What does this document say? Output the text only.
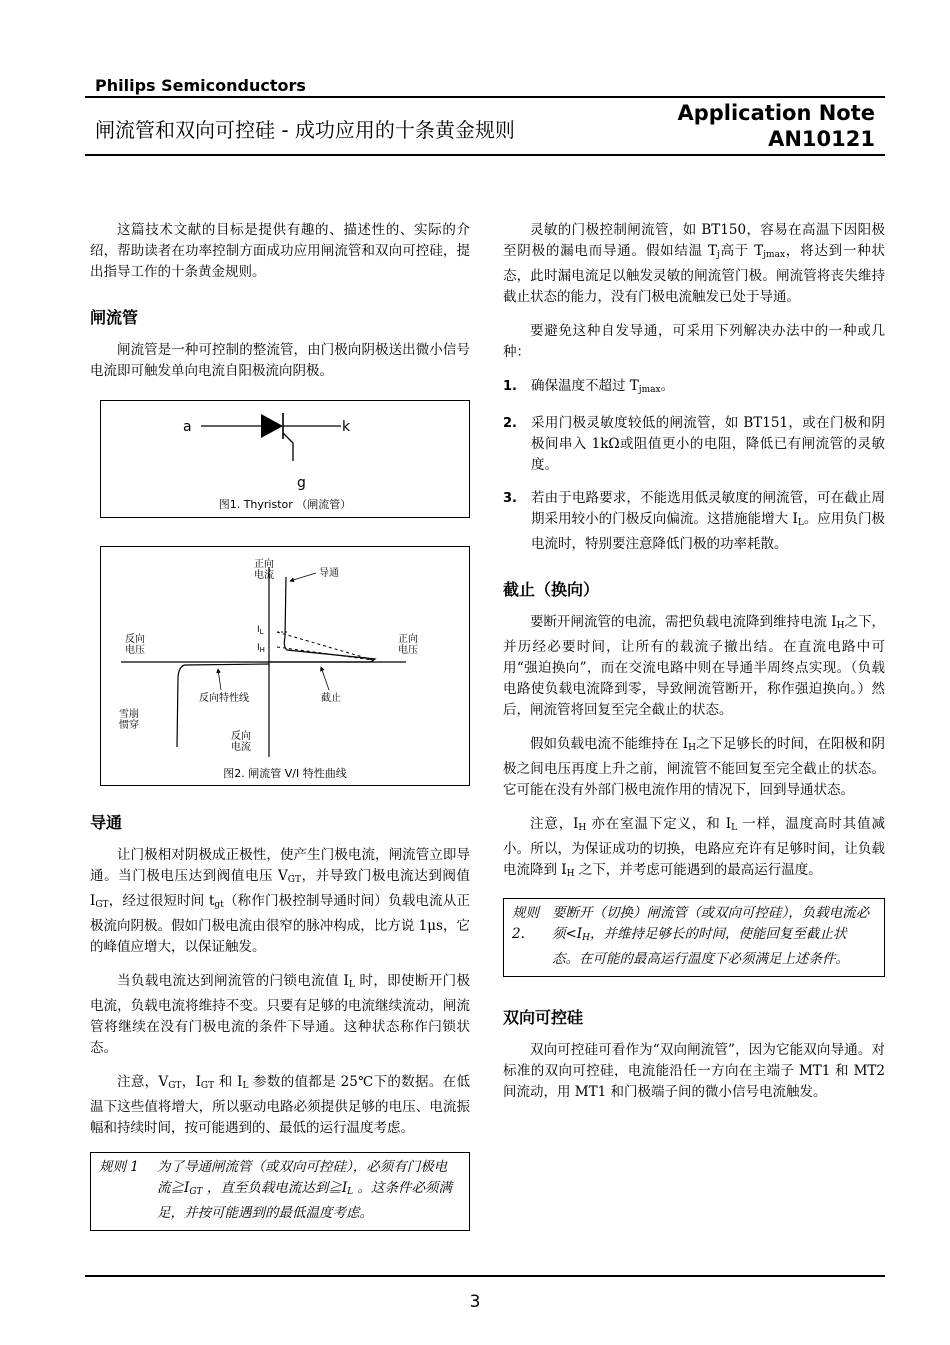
Philips Semiconductors
闸流管和双向可控硅 - 成功应用的十条黄金规则
Application Note
AN10121

这篇技术文献的目标是提供有趣的、描述性的、实际的介绍，帮助读者在功率控制方面成功应用闸流管和双向可控硅，提出指导工作的十条黄金规则。

闸流管

闸流管是一种可控制的整流管，由门极向阴极送出微小信号电流即可触发单向电流自阳极流向阴极。

a	k
g
图1. Thyristor （闸流管）
正向
电流	导通
反向
电压
正向
电压
$I_L$
$I_H$
反向特性线	截止
雪崩
惯穿
反向
电流
图2. 闸流管 V/I 特性曲线
导通

让门极相对阴极成正极性，使产生门极电流，闸流管立即导通。当门极电压达到阀值电压 $V_{GT}$，并导致门极电流达到阀值 $I_{GT}$，经过很短时间 $t_{gt}$（称作门极控制导通时间）负载电流从正极流向阴极。假如门极电流由很窄的脉冲构成，比方说 1μs，它的峰值应增大，以保证触发。

当负载电流达到闸流管的闩锁电流值 $I_L$ 时，即使断开门极电流，负载电流将维持不变。只要有足够的电流继续流动，闸流管将继续在没有门极电流的条件下导通。这种状态称作闩锁状态。

注意，$V_{GT}$，$I_{GT}$ 和 $I_L$ 参数的值都是 25℃下的数据。在低温下这些值将增大，所以驱动电路必须提供足够的电压、电流振幅和持续时间，按可能遇到的、最低的运行温度考虑。

规则 1 为了导通闸流管（或双向可控硅），必须有门极电流$≧I_{GT}$ ，直至负载电流达到$≧I_L$ 。这条件必须满足，并按可能遇到的最低温度考虑。

灵敏的门极控制闸流管，如 BT150，容易在高温下因阳极至阴极的漏电而导通。假如结温 $T_j$高于 $T_{jmax}$，将达到一种状态，此时漏电流足以触发灵敏的闸流管门极。闸流管将丧失维持截止状态的能力，没有门极电流触发已处于导通。

要避免这种自发导通，可采用下列解决办法中的一种或几种：

1. 确保温度不超过 $T_{jmax}$。
2. 采用门极灵敏度较低的闸流管，如 BT151，或在门极和阴极间串入 1kΩ或阻值更小的电阻，降低已有闸流管的灵敏度。
3. 若由于电路要求，不能选用低灵敏度的闸流管，可在截止周期采用较小的门极反向偏流。这措施能增大 $I_L$。应用负门极电流时，特别要注意降低门极的功率耗散。
截止（换向）

要断开闸流管的电流，需把负载电流降到维持电流 $I_H$之下，并历经必要时间，让所有的载流子撤出结。在直流电路中可用“强迫换向”，而在交流电路中则在导通半周终点实现。（负载电路使负载电流降到零，导致闸流管断开，称作强迫换向。）然后，闸流管将回复至完全截止的状态。

假如负载电流不能维持在 $I_H$之下足够长的时间，在阳极和阴极之间电压再度上升之前，闸流管不能回复至完全截止的状态。它可能在没有外部门极电流作用的情况下，回到导通状态。

注意，$I_H$ 亦在室温下定义，和 $I_L$ 一样，温度高时其值减小。所以，为保证成功的切换，电路应充许有足够时间，让负载电流降到 $I_H$ 之下，并考虑可能遇到的最高运行温度。

规则 2.要断开（切换）闸流管（或双向可控硅），负载电流必须$<I_H$，并维持足够长的时间，使能回复至截止状态。在可能的最高运行温度下必须满足上述条件。
双向可控硅

双向可控硅可看作为“双向闸流管”，因为它能双向导通。对标准的双向可控硅，电流能沿任一方向在主端子 MT1 和 MT2 间流动，用 MT1 和门极端子间的微小信号电流触发。

3
